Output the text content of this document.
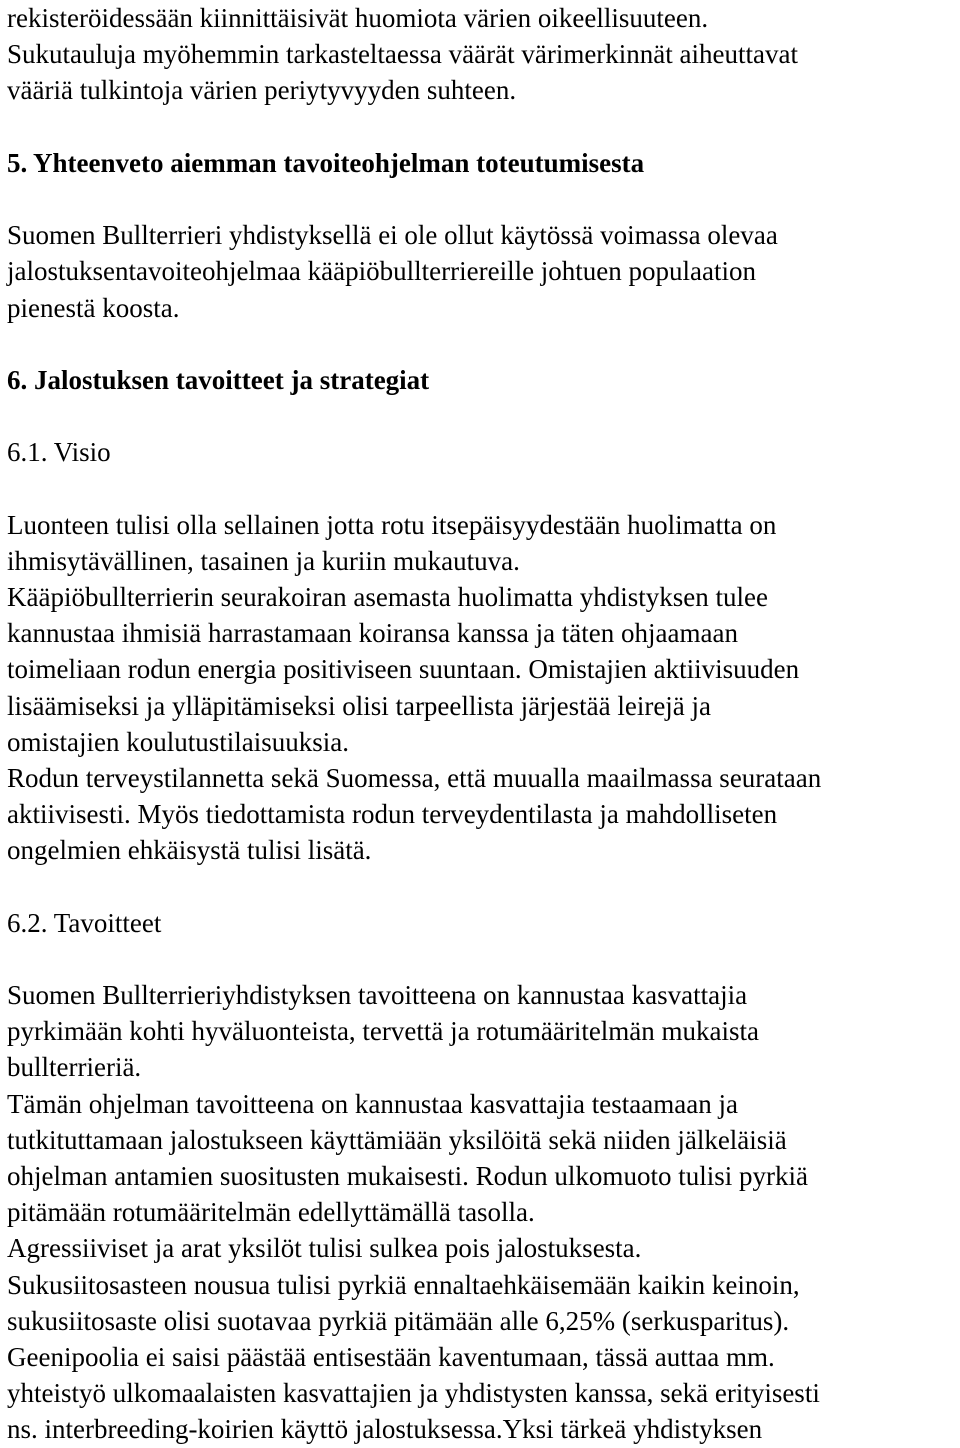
rekisteröidessään kiinnittäisivät huomiota värien oikeellisuuteen.
Sukutauluja myöhemmin tarkasteltaessa väärät värimerkinnät aiheuttavat
vääriä tulkintoja värien periytyvyyden suhteen.
5. Yhteenveto aiemman tavoiteohjelman toteutumisesta
Suomen Bullterrieri yhdistyksellä ei ole ollut käytössä voimassa olevaa
jalostuksentavoiteohjelmaa kääpiöbullterriereille johtuen populaation
pienestä koosta.
6. Jalostuksen tavoitteet ja strategiat
6.1. Visio
Luonteen tulisi olla sellainen jotta rotu itsepäisyydestään huolimatta on
ihmisytävällinen, tasainen ja kuriin mukautuva.
Kääpiöbullterrierin seurakoiran asemasta huolimatta yhdistyksen tulee
kannustaa ihmisiä harrastamaan koiransa kanssa ja täten ohjaamaan
toimeliaan rodun energia positiviseen suuntaan. Omistajien aktiivisuuden
lisäämiseksi ja ylläpitämiseksi olisi tarpeellista järjestää leirejä ja
omistajien koulutustilaisuuksia.
Rodun terveystilannetta sekä Suomessa, että muualla maailmassa seurataan
aktiivisesti. Myös tiedottamista rodun terveydentilasta ja mahdolliseten
ongelmien ehkäisystä tulisi lisätä.
6.2. Tavoitteet
Suomen Bullterrieriyhdistyksen tavoitteena on kannustaa kasvattajia
pyrkimään kohti hyväluonteista, tervettä ja rotumääritelmän mukaista
bullterrieriä.
Tämän ohjelman tavoitteena on kannustaa kasvattajia testaamaan ja
tutkituttamaan jalostukseen käyttämiään yksilöitä sekä niiden jälkeläisiä
ohjelman antamien suositusten mukaisesti. Rodun ulkomuoto tulisi pyrkiä
pitämään rotumääritelmän edellyttämällä tasolla.
Agressiiviset ja arat yksilöt tulisi sulkea pois jalostuksesta.
Sukusiitosasteen nousua tulisi pyrkiä ennaltaehkäisemään kaikin keinoin,
sukusiitosaste olisi suotavaa pyrkiä pitämään alle 6,25% (serkusparitus).
Geenipoolia ei saisi päästää entisestään kaventumaan, tässä auttaa mm.
yhteistyö ulkomaalaisten kasvattajien ja yhdistysten kanssa, sekä erityisesti
ns. interbreeding-koirien käyttö jalostuksessa.Yksi tärkeä yhdistyksen
